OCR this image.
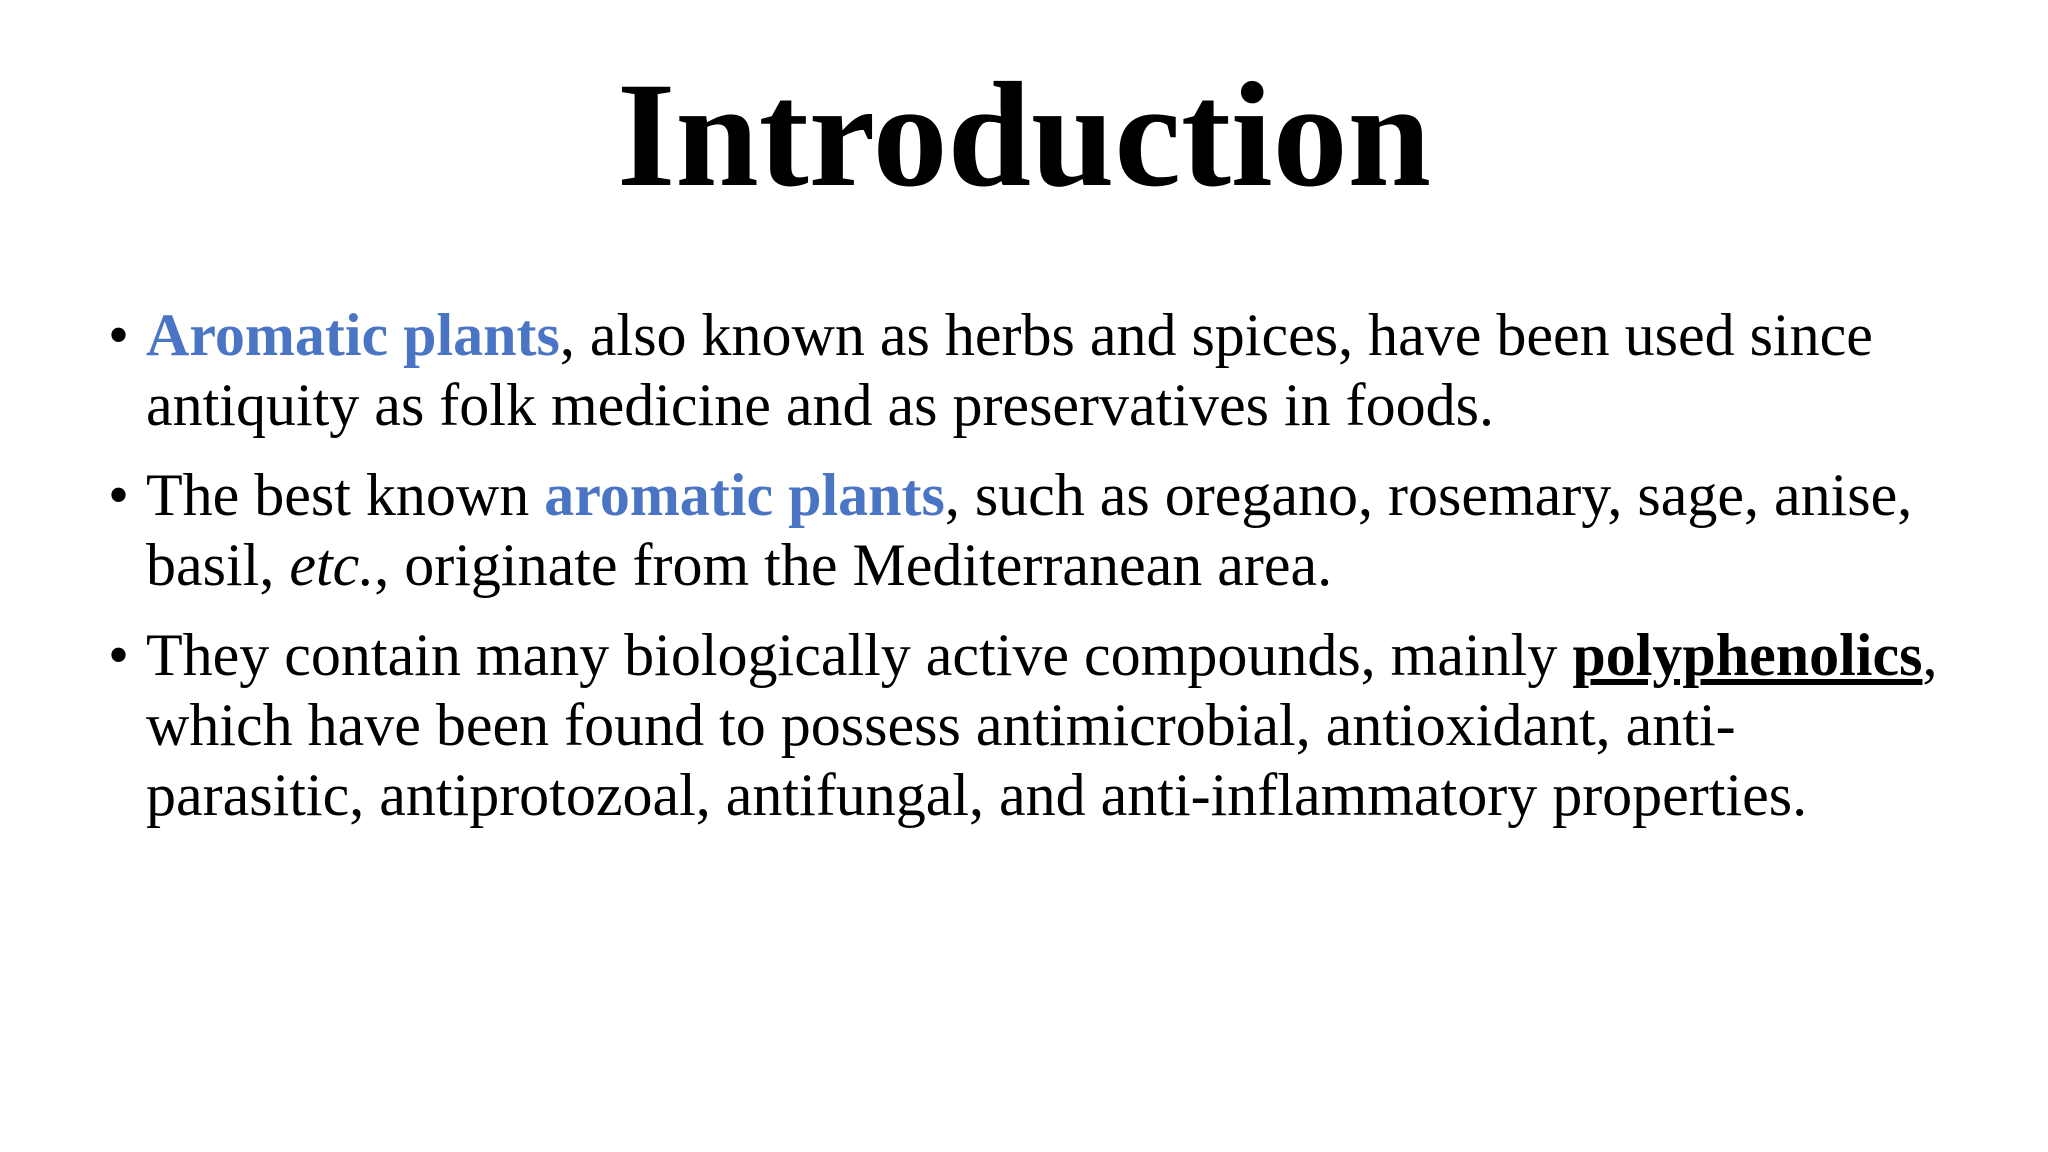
Introduction
• Aromatic plants, also known as herbs and spices, have been used since antiquity as folk medicine and as preservatives in foods.
• The best known aromatic plants, such as oregano, rosemary, sage, anise, basil, etc., originate from the Mediterranean area.
• They contain many biologically active compounds, mainly polyphenolics, which have been found to possess antimicrobial, antioxidant, anti-parasitic, antiprotozoal, antifungal, and anti-inflammatory properties.
